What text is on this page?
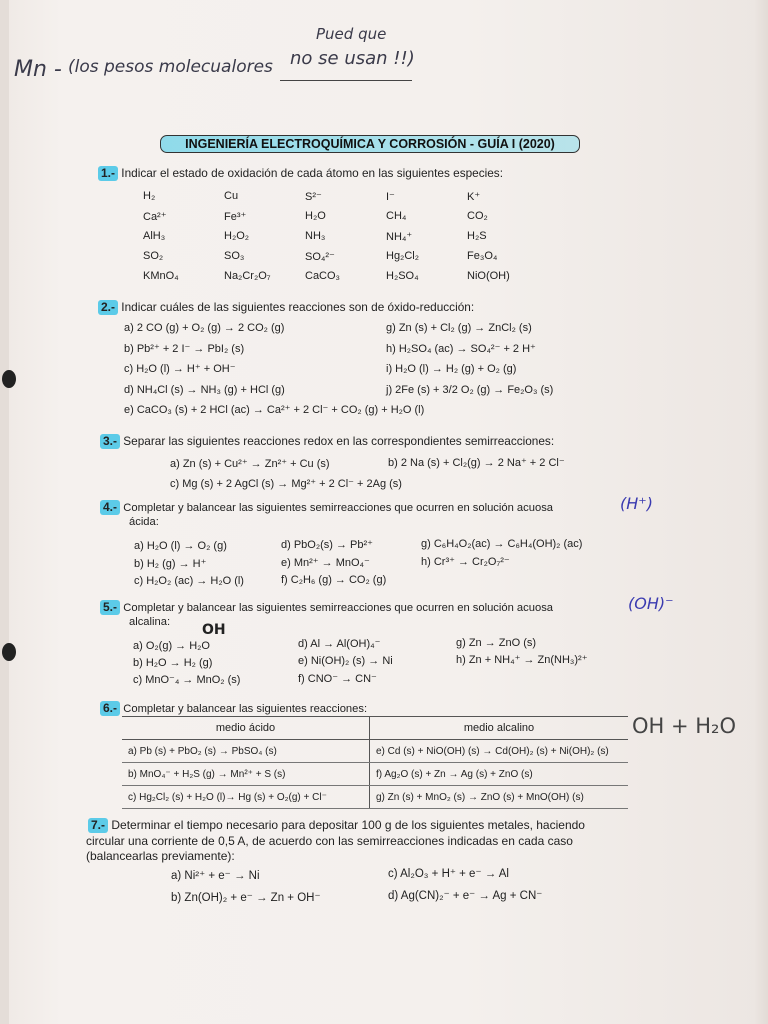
Mn - (los pesos molecualores
Pued que
no se usan !!)
INGENIERÍA ELECTROQUÍMICA Y CORROSIÓN - GUÍA I (2020)
1.- Indicar el estado de oxidación de cada átomo en las siguientes especies:
H₂	Cu	S²⁻	I⁻	K⁺
Ca²⁺	Fe³⁺	H₂O	CH₄	CO₂
AlH₃	H₂O₂	NH₃	NH₄⁺	H₂S
SO₂	SO₃	SO₄²⁻	Hg₂Cl₂	Fe₃O₄
KMnO₄	Na₂Cr₂O₇	CaCO₃	H₂SO₄	NiO(OH)
2.- Indicar cuáles de las siguientes reacciones son de óxido-reducción:
a) 2 CO (g) + O₂ (g) → 2 CO₂ (g)
b) Pb²⁺ + 2 I⁻ → PbI₂ (s)
c) H₂O (l) → H⁺ + OH⁻
d) NH₄Cl (s) → NH₃ (g) + HCl (g)
g) Zn (s) + Cl₂ (g) → ZnCl₂ (s)
h) H₂SO₄ (ac) → SO₄²⁻ + 2 H⁺
i) H₂O (l) → H₂ (g) + O₂ (g)
j) 2Fe (s) + 3/2 O₂ (g) → Fe₂O₃ (s)
e) CaCO₃ (s) + 2 HCl (ac) → Ca²⁺ + 2 Cl⁻ + CO₂ (g) + H₂O (l)
3.- Separar las siguientes reacciones redox en las correspondientes semirreacciones:
a) Zn (s) + Cu²⁺ → Zn²⁺ + Cu (s)	b) 2 Na (s) + Cl₂(g) → 2 Na⁺ + 2 Cl⁻
c) Mg (s) + 2 AgCl (s) → Mg²⁺ + 2 Cl⁻ + 2Ag (s)
4.- Completar y balancear las siguientes semirreacciones que ocurren en solución acuosa
ácida:
(H⁺)
a) H₂O (l) → O₂ (g)
b) H₂ (g) → H⁺
c) H₂O₂ (ac) → H₂O (l)
d) PbO₂(s) → Pb²⁺
e) Mn²⁺ → MnO₄⁻
f) C₂H₆ (g) → CO₂ (g)
g) C₆H₄O₂(ac) → C₆H₄(OH)₂ (ac)
h) Cr³⁺ → Cr₂O₇²⁻
5.- Completar y balancear las siguientes semirreacciones que ocurren en solución acuosa
alcalina:
(OH)⁻
OH
a) O₂(g) → H₂O
b) H₂O → H₂ (g)
c) MnO⁻₄ → MnO₂ (s)
d) Al → Al(OH)₄⁻
e) Ni(OH)₂ (s) → Ni
f) CNO⁻ → CN⁻
g) Zn → ZnO (s)
h) Zn + NH₄⁺ → Zn(NH₃)²⁺
6.- Completar y balancear las siguientes reacciones:
OH + H₂O
medio ácido	medio alcalino
a) Pb (s) + PbO₂ (s) → PbSO₄ (s)	e) Cd (s) + NiO(OH) (s) → Cd(OH)₂ (s) + Ni(OH)₂ (s)
b) MnO₄⁻ + H₂S (g) → Mn²⁺ + S (s)	f) Ag₂O (s) + Zn → Ag (s) + ZnO (s)
c) Hg₂Cl₂ (s) + H₂O (l)→ Hg (s) + O₂(g) + Cl⁻	g) Zn (s) + MnO₂ (s) → ZnO (s) + MnO(OH) (s)
7.- Determinar el tiempo necesario para depositar 100 g de los siguientes metales, haciendo
circular una corriente de 0,5 A, de acuerdo con las semirreacciones indicadas en cada caso
(balancearlas previamente):
a) Ni²⁺ + e⁻ → Ni
b) Zn(OH)₂ + e⁻ → Zn + OH⁻
c) Al₂O₃ + H⁺ + e⁻ → Al
d) Ag(CN)₂⁻ + e⁻ → Ag + CN⁻
